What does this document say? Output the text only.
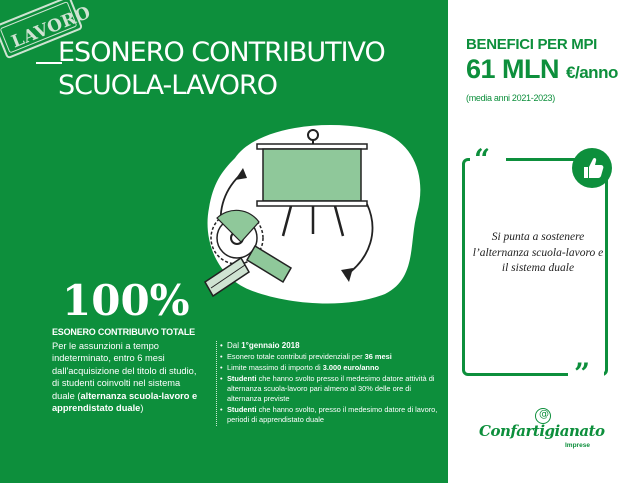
LAVORO
ESONERO CONTRIBUTIVO
SCUOLA-LAVORO
100%
ESONERO CONTRIBUIVO TOTALE
Per le assunzioni a tempo indeterminato, entro 6 mesi dall'acquisizione del titolo di studio, di studenti coinvolti nel sistema duale (alternanza scuola-lavoro e apprendistato duale)
• Dal 1°gennaio 2018
• Esonero totale contributi previdenziali per 36 mesi
• Limite massimo di importo di 3.000 euro/anno
• Studenti che hanno svolto presso il medesimo datore attività di alternanza scuola-lavoro pari almeno al 30% delle ore di alternanza previste
• Studenti che hanno svolto, presso il medesimo datore di lavoro, periodi di apprendistato duale
BENEFICI PER MPI
61 MLN €/anno
(media anni 2021-2023)
“
”
Si punta a sostenere l’alternanza scuola-lavoro e il sistema duale
@
Confartigianato
Imprese
